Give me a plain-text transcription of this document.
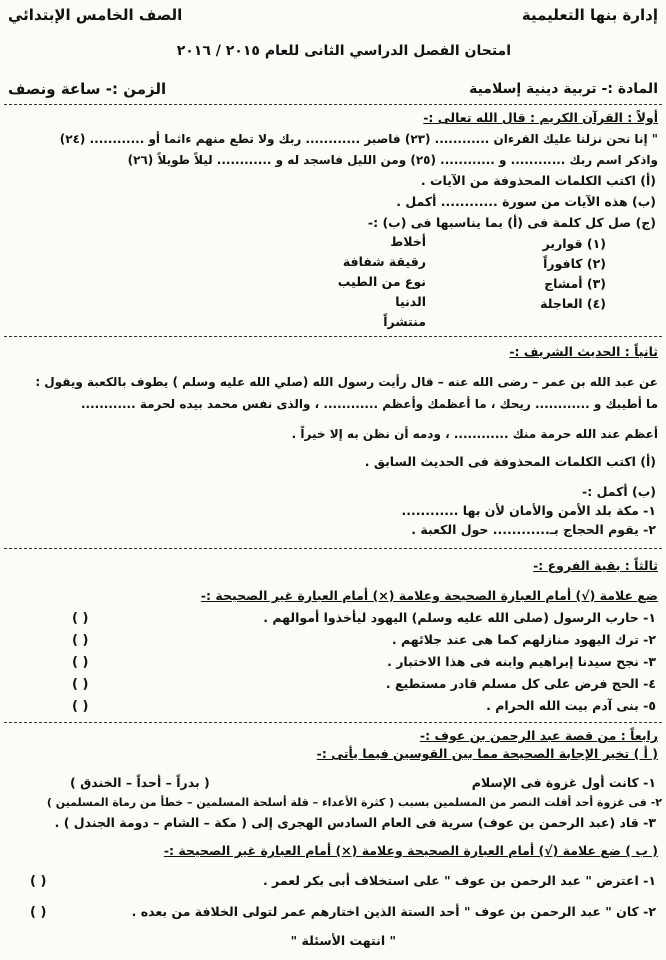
إدارة بنها التعليمية
الصف الخامس الإبتدائي
امتحان الفصل الدراسي الثانى للعام ٢٠١٥ / ٢٠١٦
المادة :- تربية دينية إسلامية
الزمن :- ساعة ونصف
أولاً : القرآن الكريم : قال الله تعالى :-
" إنا نحن نزلنا عليك القرءان ............ (٢٣) فاصبر ............ ربك ولا تطع منهم ءاثما أو ............ (٢٤)
واذكر اسم ربك ............ و ............ (٢٥) ومن الليل فاسجد له و ............ ليلاً طويلاً (٢٦)
(أ) اكتب الكلمات المحذوفة من الآيات .
(ب) هذه الآيات من سورة ............ أكمل .
(ج) صل كل كلمة فى (أ) بما يناسبها فى (ب) :-
(١) قوارير
(٢) كافوراً
(٣) أمشاج
(٤) العاجلة
أخلاط
رقيقة شفافة
نوع من الطيب
الدنيا
منتشراً
ثانياً : الحديث الشريف :-
عن عبد الله بن عمر – رضى الله عنه – قال رأيت رسول الله (صلي الله عليه وسلم ) يطوف بالكعبة ويقول :
ما أطيبك و ............ ريحك ، ما أعظمك وأعظم ............ ، والذى نفس محمد بيده لحرمة ............
أعظم عند الله حرمة منك ............ ، ودمه أن نظن به إلا خيراً .
(أ) اكتب الكلمات المحذوفة فى الحديث السابق .
(ب) أكمل :-
١- مكة بلد الأمن والأمان لأن بها ............
٢- يقوم الحجاج بـ............ حول الكعبة .
ثالثاً : بقية الفروع :-
ضع علامة (√) أمام العبارة الصحيحة وعلامة (×) أمام العبارة غير الصحيحة :-
١- حارب الرسول (صلى الله عليه وسلم) اليهود ليأخذوا أموالهم .
٢- ترك اليهود منازلهم كما هى عند جلائهم .
٣- نجح سيدنا إبراهيم وابنه فى هذا الاختبار .
٤- الحج فرض على كل مسلم قادر مستطيع .
٥- بنى آدم بيت الله الحرام .
( )
( )
( )
( )
( )
رابعاً : من قصة عبد الرحمن بن عوف :-
( أ ) تخير الإجابة الصحيحة مما بين القوسين فيما يأتى :-
١- كانت أول غزوة فى الإسلام
( بدراً – أحداً – الخندق )
٢- فى غزوة أحد أفلت النصر من المسلمين بسبب ( كثرة الأعداء – قلة أسلحة المسلمين – خطأ من رماة المسلمين )
٣- قاد (عبد الرحمن بن عوف) سرية فى العام السادس الهجرى إلى ( مكة – الشام – دومة الجندل ) .
( ب ) ضع علامة (√) أمام العبارة الصحيحة وعلامة (×) أمام العبارة غير الصحيحة :-
١- اعترض " عبد الرحمن بن عوف " على استخلاف أبى بكر لعمر .
( )
٢- كان " عبد الرحمن بن عوف " أحد الستة الذين اختارهم عمر لتولى الخلافة من بعده .
( )
" انتهت الأسئلة "
